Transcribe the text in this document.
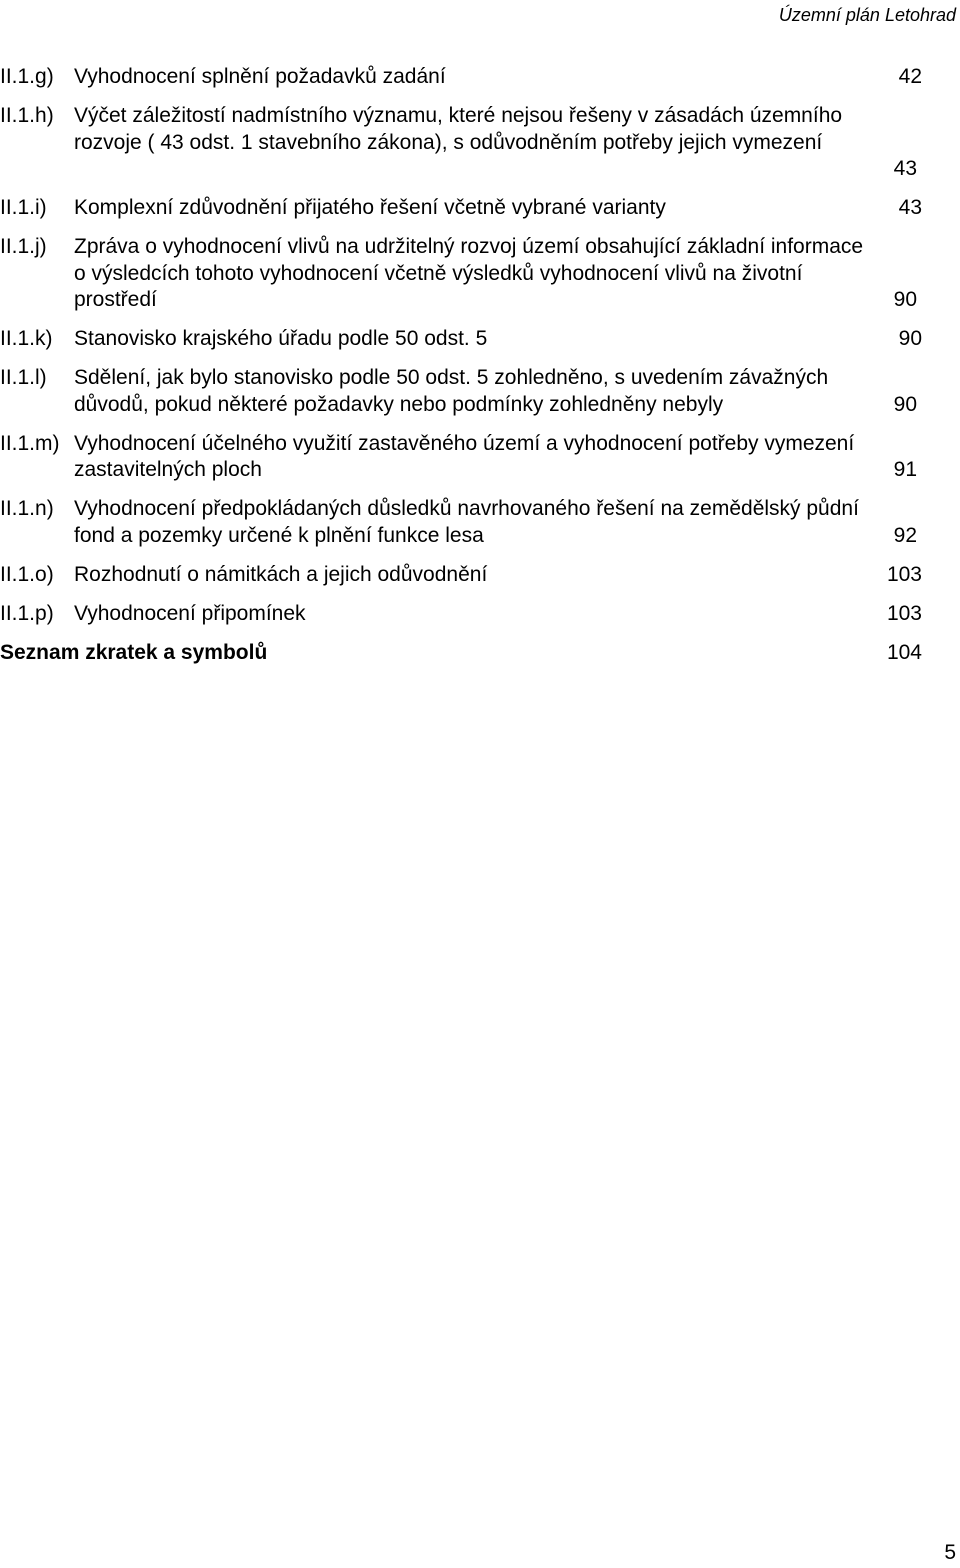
Územní plán Letohrad
II.1.g) Vyhodnocení splnění požadavků zadání	42
II.1.h) Výčet záležitostí nadmístního významu, které nejsou řešeny v zásadách územního
rozvoje ( 43 odst. 1 stavebního zákona), s odůvodněním potřeby jejich vymezení
43
II.1.i) Komplexní zdůvodnění přijatého řešení včetně vybrané varianty	43
II.1.j) Zpráva o vyhodnocení vlivů na udržitelný rozvoj území obsahující základní informace
o výsledcích tohoto vyhodnocení včetně výsledků vyhodnocení vlivů na životní
prostředí	90
II.1.k) Stanovisko krajského úřadu podle 50 odst. 5	90
II.1.l) Sdělení, jak bylo stanovisko podle 50 odst. 5 zohledněno, s uvedením závažných
důvodů, pokud některé požadavky nebo podmínky zohledněny nebyly	90
II.1.m) Vyhodnocení účelného využití zastavěného území a vyhodnocení potřeby vymezení
zastavitelných ploch	91
II.1.n) Vyhodnocení předpokládaných důsledků navrhovaného řešení na zemědělský půdní
fond a pozemky určené k plnění funkce lesa	92
II.1.o) Rozhodnutí o námitkách a jejich odůvodnění	103
II.1.p) Vyhodnocení připomínek	103
Seznam zkratek a symbolů	104
5
